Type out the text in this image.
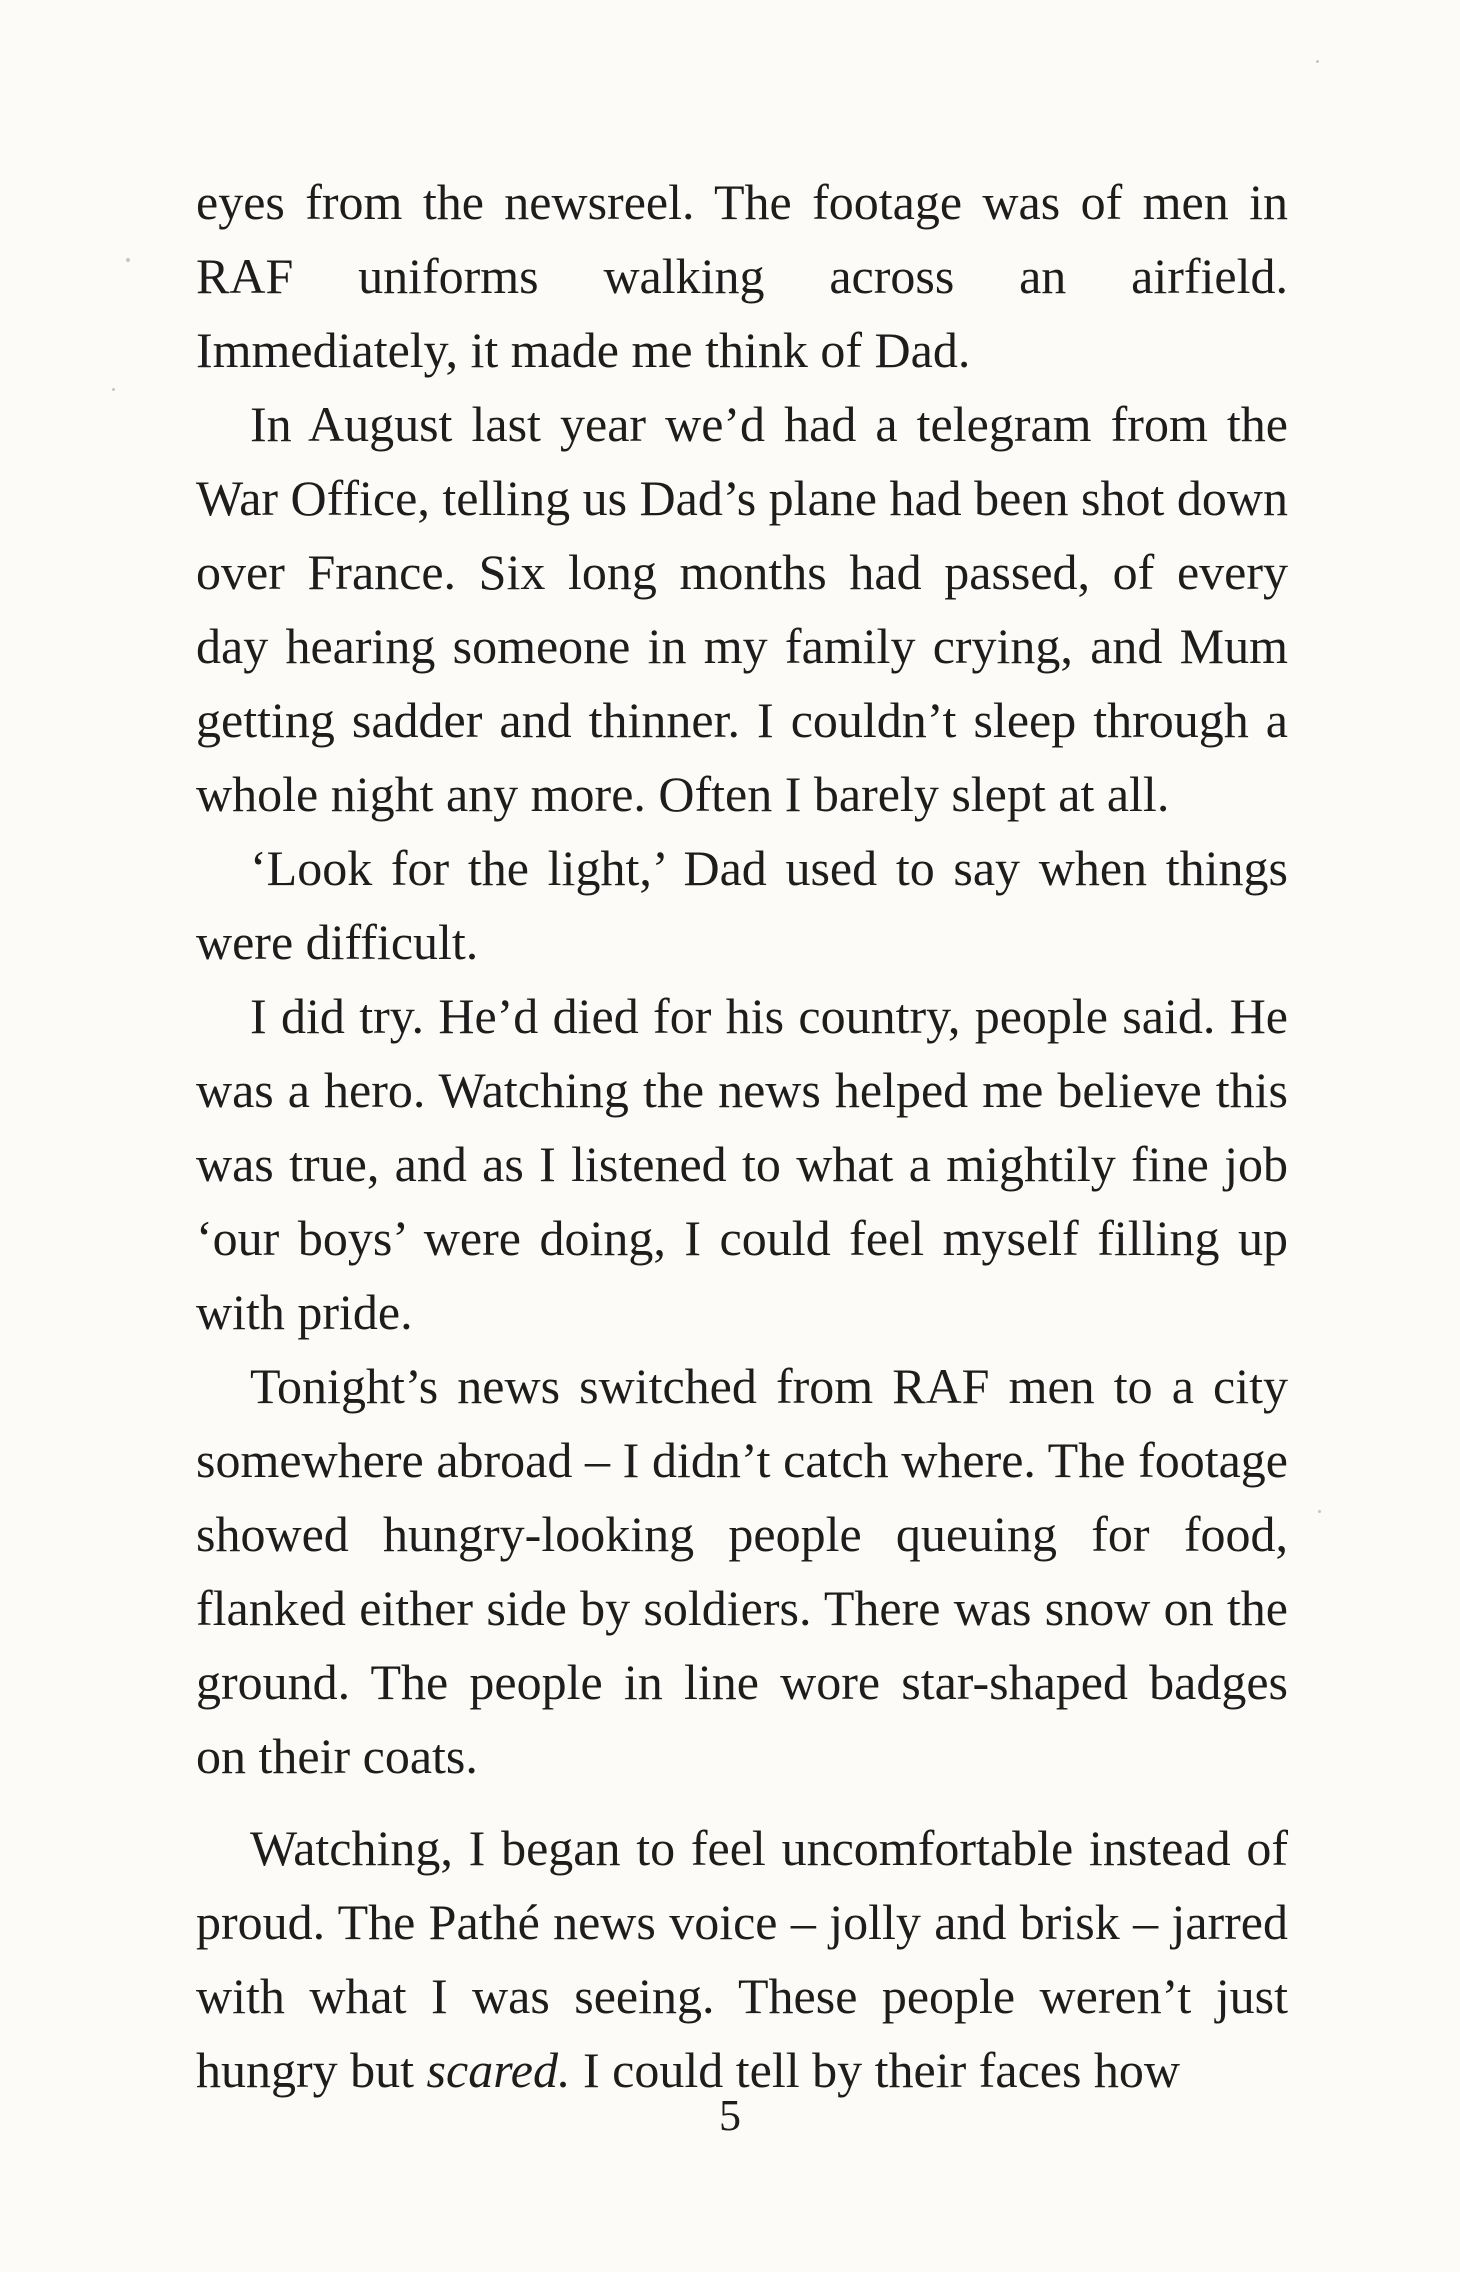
eyes from the newsreel. The footage was of men in RAF uniforms walking across an airfield. Immediately, it made me think of Dad.

In August last year we’d had a telegram from the War Office, telling us Dad’s plane had been shot down over France. Six long months had passed, of every day hearing someone in my family crying, and Mum getting sadder and thinner. I couldn’t sleep through a whole night any more. Often I barely slept at all.

‘Look for the light,’ Dad used to say when things were difficult.

I did try. He’d died for his country, people said. He was a hero. Watching the news helped me believe this was true, and as I listened to what a mightily fine job ‘our boys’ were doing, I could feel myself filling up with pride.

Tonight’s news switched from RAF men to a city somewhere abroad – I didn’t catch where. The footage showed hungry-looking people queuing for food, flanked either side by soldiers. There was snow on the ground. The people in line wore star-shaped badges on their coats.

Watching, I began to feel uncomfortable instead of proud. The Pathé news voice – jolly and brisk – jarred with what I was seeing. These people weren’t just hungry but scared. I could tell by their faces how

5
